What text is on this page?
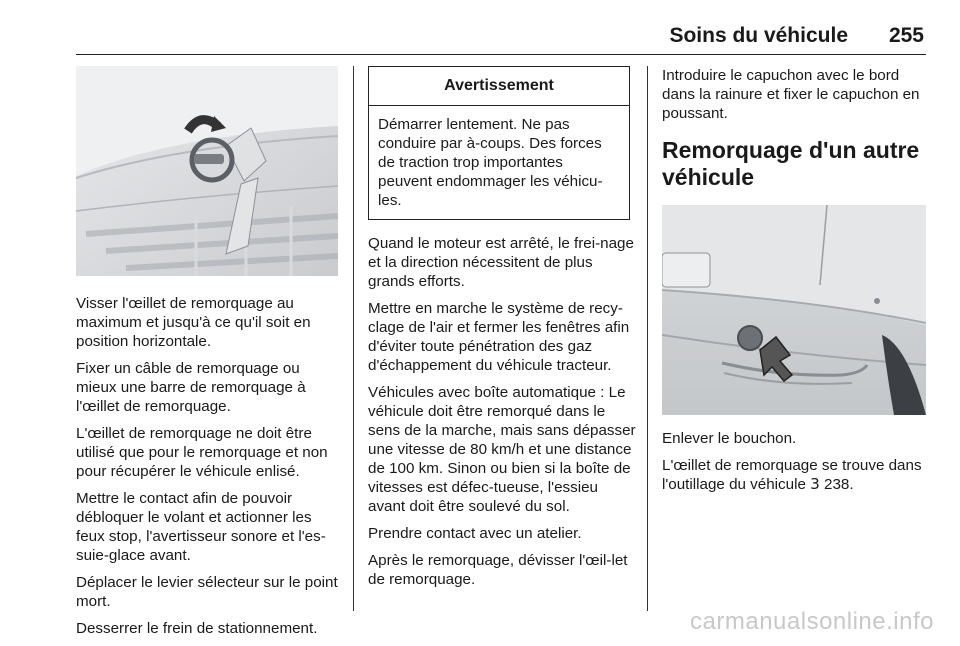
Soins du véhicule 255

Visser l'œillet de remorquage au maximum et jusqu'à ce qu'il soit en position horizontale.

Fixer un câble de remorquage ou mieux une barre de remorquage à l'œillet de remorquage.

L'œillet de remorquage ne doit être utilisé que pour le remorquage et non pour récupérer le véhicule enlisé.

Mettre le contact afin de pouvoir débloquer le volant et actionner les feux stop, l'avertisseur sonore et l'es-suie-glace avant.

Déplacer le levier sélecteur sur le point mort.

Desserrer le frein de stationnement.

Avertissement
Démarrer lentement. Ne pas conduire par à-coups. Des forces de traction trop importantes peuvent endommager les véhicu-les.

Quand le moteur est arrêté, le frei-nage et la direction nécessitent de plus grands efforts.

Mettre en marche le système de recy-clage de l'air et fermer les fenêtres afin d'éviter toute pénétration des gaz d'échappement du véhicule tracteur.

Véhicules avec boîte automatique : Le véhicule doit être remorqué dans le sens de la marche, mais sans dépasser une vitesse de 80 km/h et une distance de 100 km. Sinon ou bien si la boîte de vitesses est défec-tueuse, l'essieu avant doit être soulevé du sol.

Prendre contact avec un atelier.

Après le remorquage, dévisser l'œil-let de remorquage.

Introduire le capuchon avec le bord dans la rainure et fixer le capuchon en poussant.

Remorquage d'un autre véhicule

Enlever le bouchon.

L'œillet de remorquage se trouve dans l'outillage du véhicule 3 238.

carmanualsonline.info
